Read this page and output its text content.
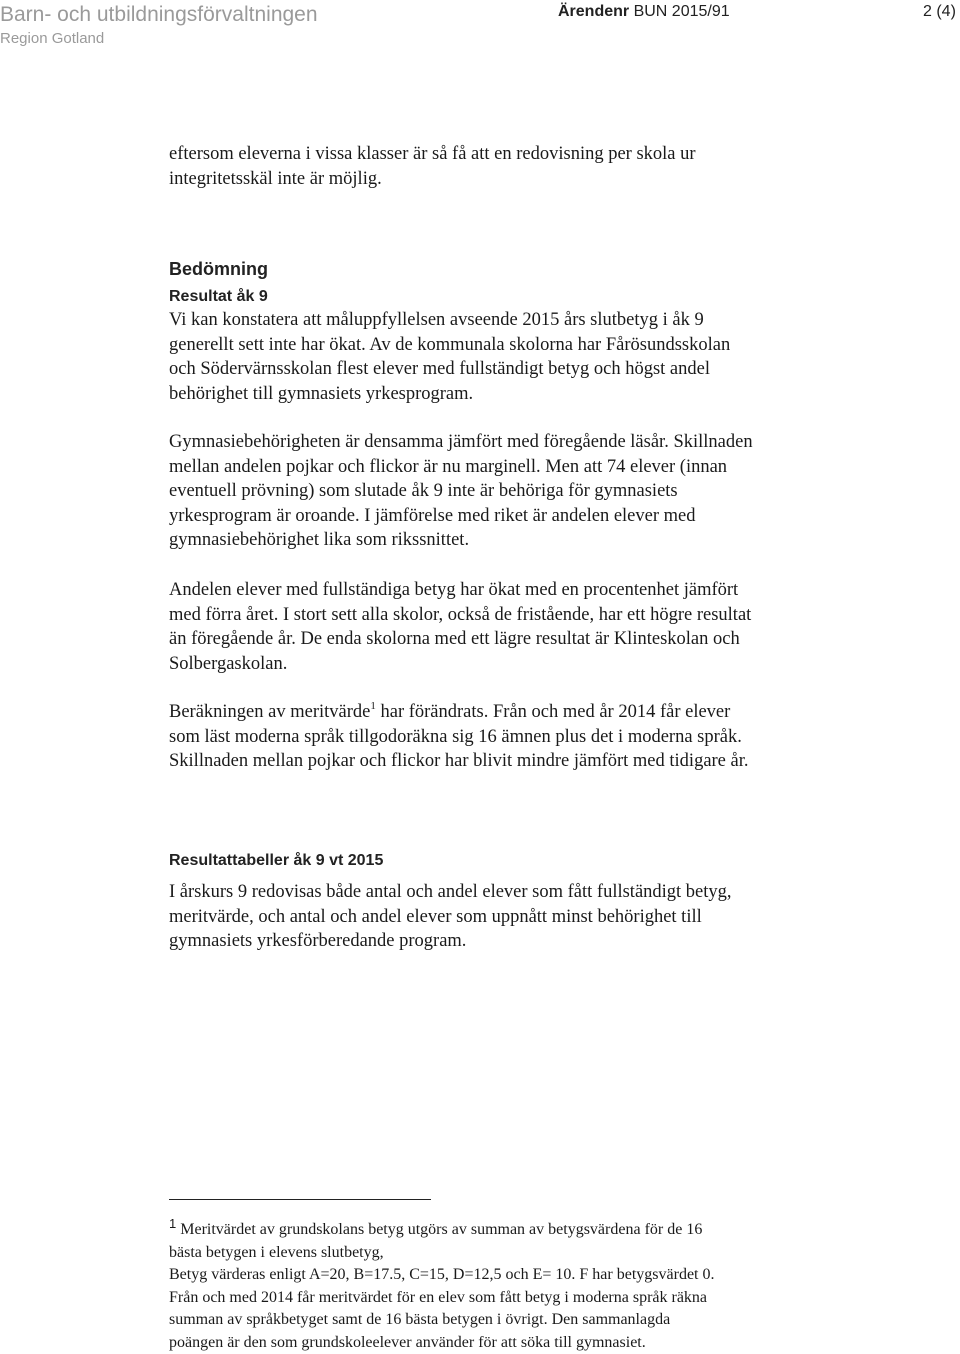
Barn- och utbildningsförvaltningen
Region Gotland
Ärendenr BUN 2015/91	2 (4)

eftersom eleverna i vissa klasser är så få att en redovisning per skola ur
integritetsskäl inte är möjlig.

Bedömning
Resultat åk 9

Vi kan konstatera att måluppfyllelsen avseende 2015 års slutbetyg i åk 9
generellt sett inte har ökat. Av de kommunala skolorna har Fårösundsskolan
och Södervärnsskolan flest elever med fullständigt betyg och högst andel
behörighet till gymnasiets yrkesprogram.

Gymnasiebehörigheten är densamma jämfört med föregående läsår. Skillnaden
mellan andelen pojkar och flickor är nu marginell. Men att 74 elever (innan
eventuell prövning) som slutade åk 9 inte är behöriga för gymnasiets
yrkesprogram är oroande. I jämförelse med riket är andelen elever med
gymnasiebehörighet lika som rikssnittet.

Andelen elever med fullständiga betyg har ökat med en procentenhet jämfört
med förra året. I stort sett alla skolor, också de fristående, har ett högre resultat
än föregående år. De enda skolorna med ett lägre resultat är Klinteskolan och
Solbergaskolan.

Beräkningen av meritvärde$^1$ har förändrats. Från och med år 2014 får elever
som läst moderna språk tillgodoräkna sig 16 ämnen plus det i moderna språk.
Skillnaden mellan pojkar och flickor har blivit mindre jämfört med tidigare år.

Resultattabeller åk 9 vt 2015

I årskurs 9 redovisas både antal och andel elever som fått fullständigt betyg,
meritvärde, och antal och andel elever som uppnått minst behörighet till
gymnasiets yrkesförberedande program.

$^1$ Meritvärdet av grundskolans betyg utgörs av summan av betygsvärdena för de 16
bästa betygen i elevens slutbetyg,
Betyg värderas enligt A=20, B=17.5, C=15, D=12,5 och E= 10. F har betygsvärdet 0.
Från och med 2014 får meritvärdet för en elev som fått betyg i moderna språk räkna
summan av språkbetyget samt de 16 bästa betygen i övrigt. Den sammanlagda
poängen är den som grundskoleelever använder för att söka till gymnasiet.
